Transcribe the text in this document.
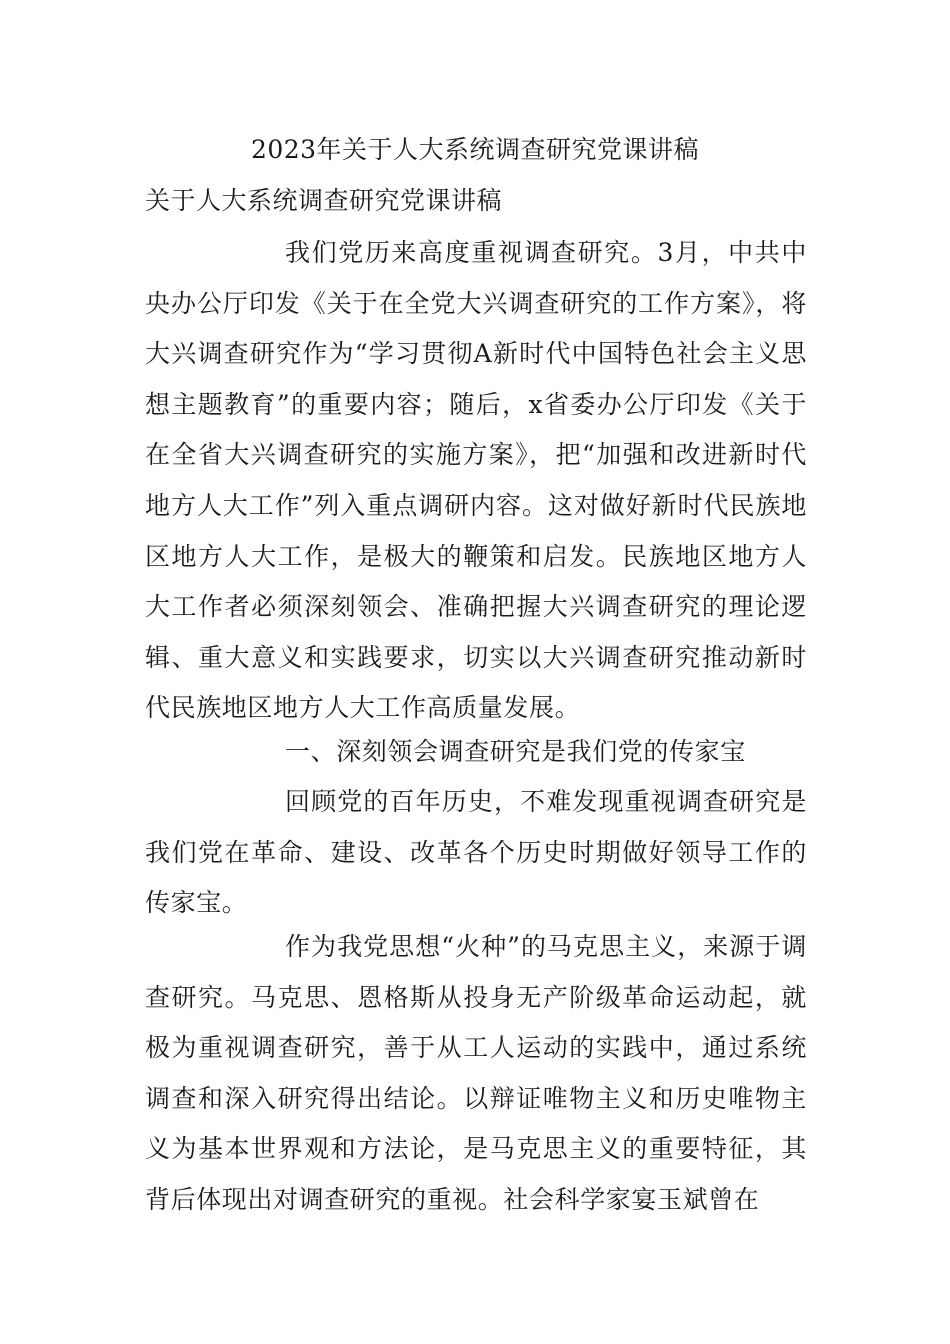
2023年关于人大系统调查研究党课讲稿
关于人大系统调查研究党课讲稿

我们党历来高度重视调查研究。3月，中共中央办公厅印发《关于在全党大兴调查研究的工作方案》，将大兴调查研究作为“学习贯彻A新时代中国特色社会主义思想主题教育”的重要内容；随后，x省委办公厅印发《关于在全省大兴调查研究的实施方案》，把“加强和改进新时代地方人大工作”列入重点调研内容。这对做好新时代民族地区地方人大工作，是极大的鞭策和启发。民族地区地方人大工作者必须深刻领会、准确把握大兴调查研究的理论逻辑、重大意义和实践要求，切实以大兴调查研究推动新时代民族地区地方人大工作高质量发展。

一、深刻领会调查研究是我们党的传家宝

回顾党的百年历史，不难发现重视调查研究是我们党在革命、建设、改革各个历史时期做好领导工作的传家宝。

作为我党思想“火种”的马克思主义，来源于调查研究。马克思、恩格斯从投身无产阶级革命运动起，就极为重视调查研究，善于从工人运动的实践中，通过系统调查和深入研究得出结论。以辩证唯物主义和历史唯物主义为基本世界观和方法论，是马克思主义的重要特征，其背后体现出对调查研究的重视。社会科学家宴玉斌曾在
